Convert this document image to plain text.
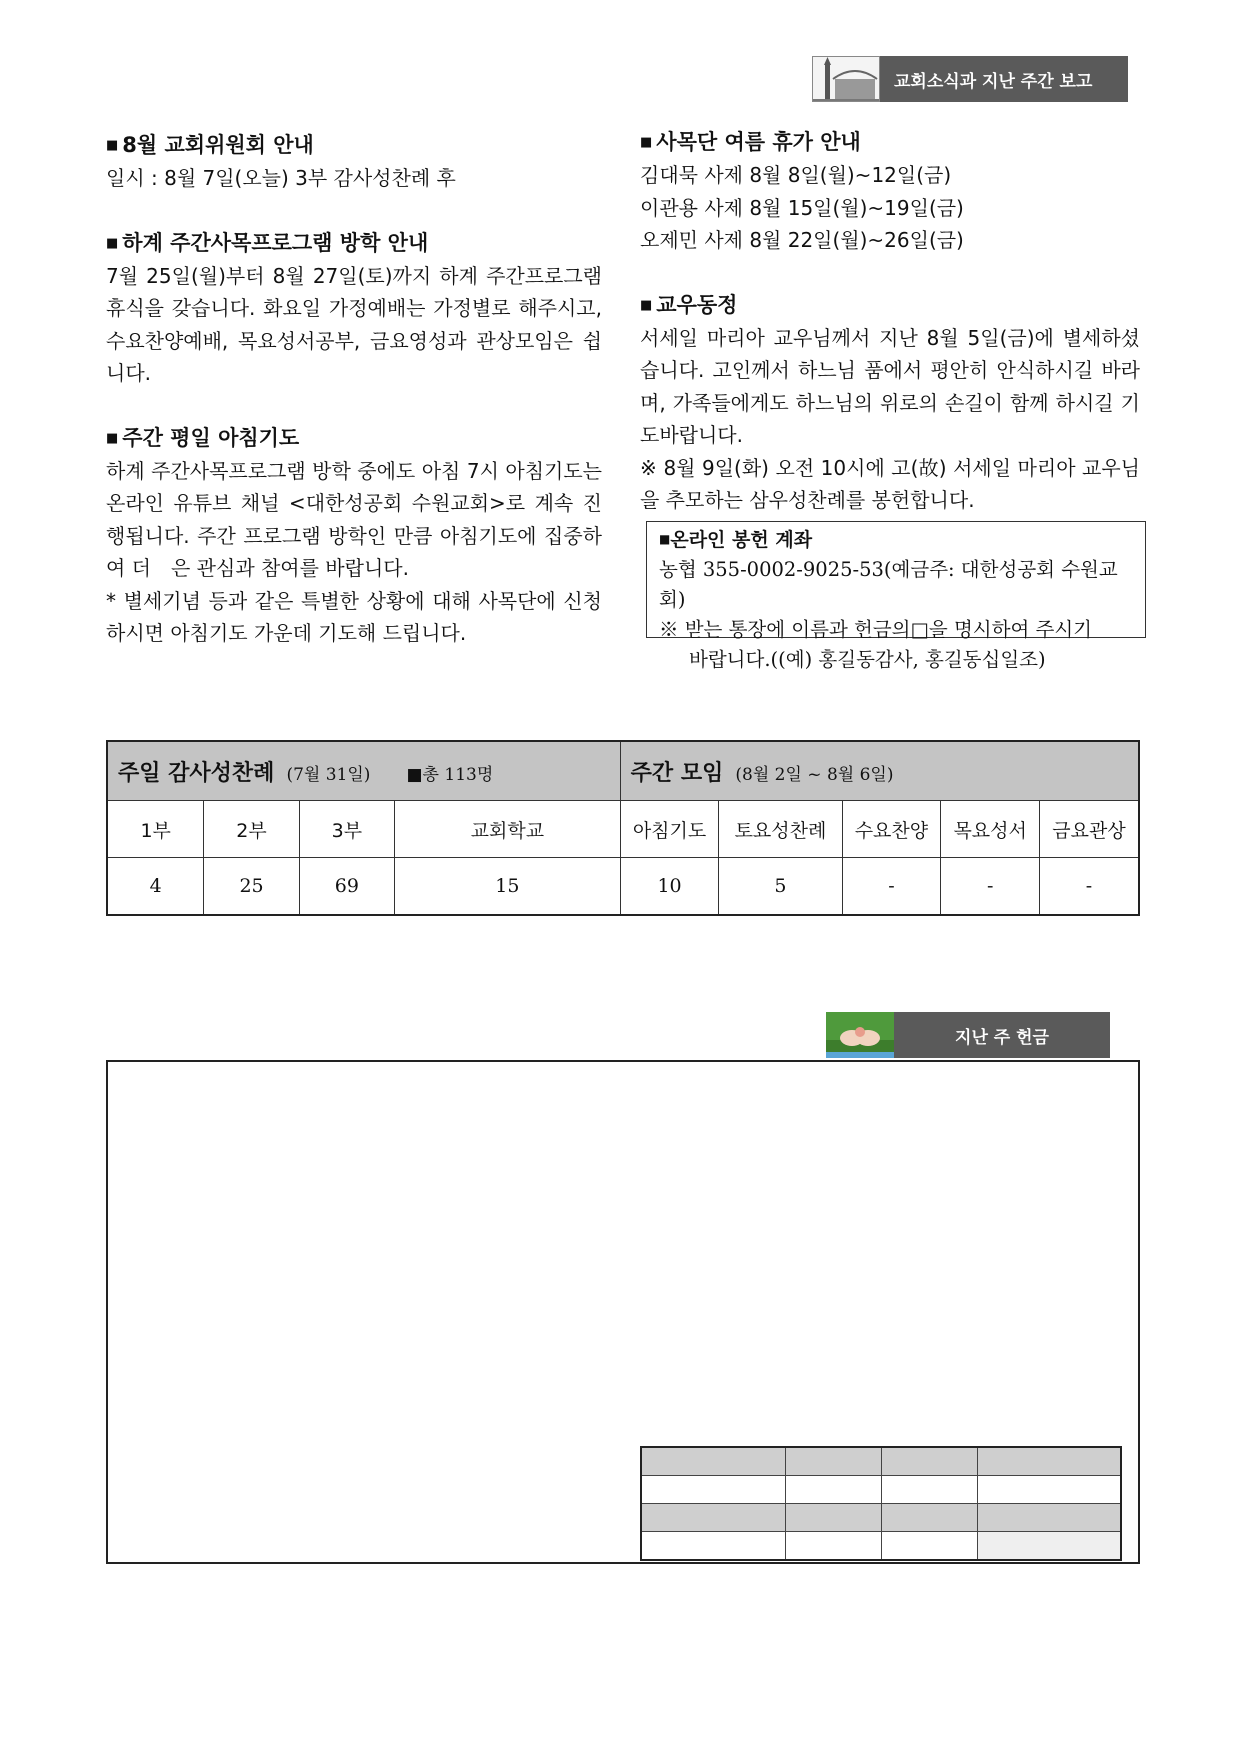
교회소식과 지난 주간 보고
■ 8월 교회위원회 안내

일시 : 8월 7일(오늘) 3부 감사성찬례 후

■ 하계 주간사목프로그램 방학 안내

7월 25일(월)부터 8월 27일(토)까지 하계 주간프로그램 휴식을 갖습니다. 화요일 가정예배는 가정별로 해주시고, 수요찬양예배, 목요성서공부, 금요영성과 관상모임은 쉽니다.

■ 주간 평일 아침기도

하계 주간사목프로그램 방학 중에도 아침 7시 아침기도는 온라인 유튜브 채널 <대한성공회 수원교회>로 계속 진행됩니다. 주간 프로그램 방학인 만큼 아침기도에 집중하여 더　은 관심과 참여를 바랍니다.

* 별세기념 등과 같은 특별한 상황에 대해 사목단에 신청하시면 아침기도 가운데 기도해 드립니다.

■ 사목단 여름 휴가 안내

김대묵 사제 8월 8일(월)~12일(금)

이관용 사제 8월 15일(월)~19일(금)

오제민 사제 8월 22일(월)~26일(금)

■ 교우동정

서세일 마리아 교우님께서 지난 8월 5일(금)에 별세하셨습니다. 고인께서 하느님 품에서 평안히 안식하시길 바라며, 가족들에게도 하느님의 위로의 손길이 함께 하시길 기도바랍니다.

※ 8월 9일(화) 오전 10시에 고(故) 서세일 마리아 교우님을 추모하는 삼우성찬례를 봉헌합니다.

■온라인 봉헌 계좌
농협 355-0002-9025-53(예금주: 대한성공회 수원교회)
※ 받는 통장에 이름과 헌금의□을 명시하여 주시기
바랍니다.((예) 홍길동감사, 홍길동십일조)
주일 감사성찬례 (7월 31일) ■총 113명				주간 모임 (8월 2일 ~ 8월 6일)				
1부	2부	3부	교회학교	아침기도	토요성찬례	수요찬양	목요성서	금요관상
4	25	69	15	10	5	-	-	-
지난 주 헌금
